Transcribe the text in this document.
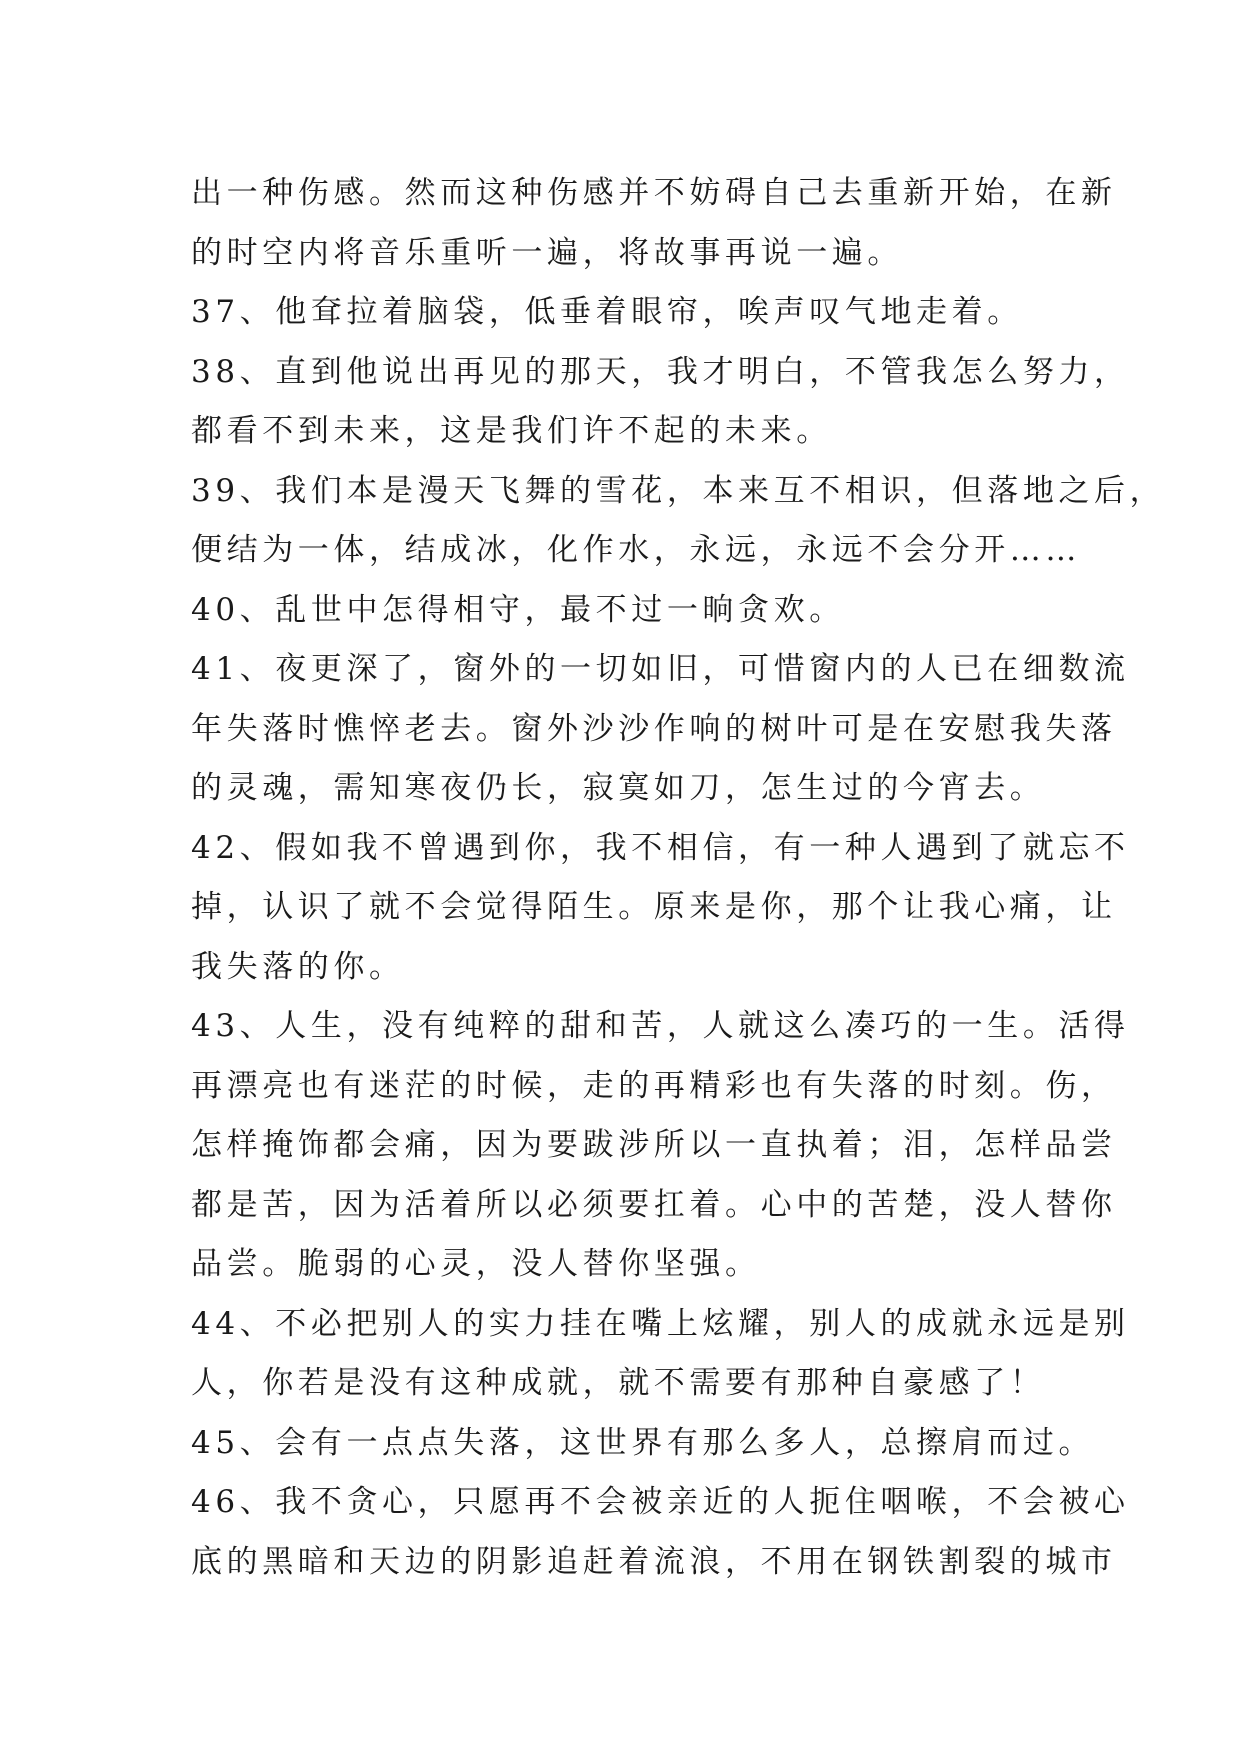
出一种伤感。然而这种伤感并不妨碍自己去重新开始，在新
的时空内将音乐重听一遍，将故事再说一遍。
37、他耷拉着脑袋，低垂着眼帘，唉声叹气地走着。
38、直到他说出再见的那天，我才明白，不管我怎么努力，
都看不到未来，这是我们许不起的未来。
39、我们本是漫天飞舞的雪花，本来互不相识，但落地之后，
便结为一体，结成冰，化作水，永远，永远不会分开……
40、乱世中怎得相守，最不过一晌贪欢。
41、夜更深了，窗外的一切如旧，可惜窗内的人已在细数流
年失落时憔悴老去。窗外沙沙作响的树叶可是在安慰我失落
的灵魂，需知寒夜仍长，寂寞如刀，怎生过的今宵去。
42、假如我不曾遇到你，我不相信，有一种人遇到了就忘不
掉，认识了就不会觉得陌生。原来是你，那个让我心痛，让
我失落的你。
43、人生，没有纯粹的甜和苦，人就这么凑巧的一生。活得
再漂亮也有迷茫的时候，走的再精彩也有失落的时刻。伤，
怎样掩饰都会痛，因为要跋涉所以一直执着；泪，怎样品尝
都是苦，因为活着所以必须要扛着。心中的苦楚，没人替你
品尝。脆弱的心灵，没人替你坚强。
44、不必把别人的实力挂在嘴上炫耀，别人的成就永远是别
人，你若是没有这种成就，就不需要有那种自豪感了！
45、会有一点点失落，这世界有那么多人，总擦肩而过。
46、我不贪心，只愿再不会被亲近的人扼住咽喉，不会被心
底的黑暗和天边的阴影追赶着流浪，不用在钢铁割裂的城市
